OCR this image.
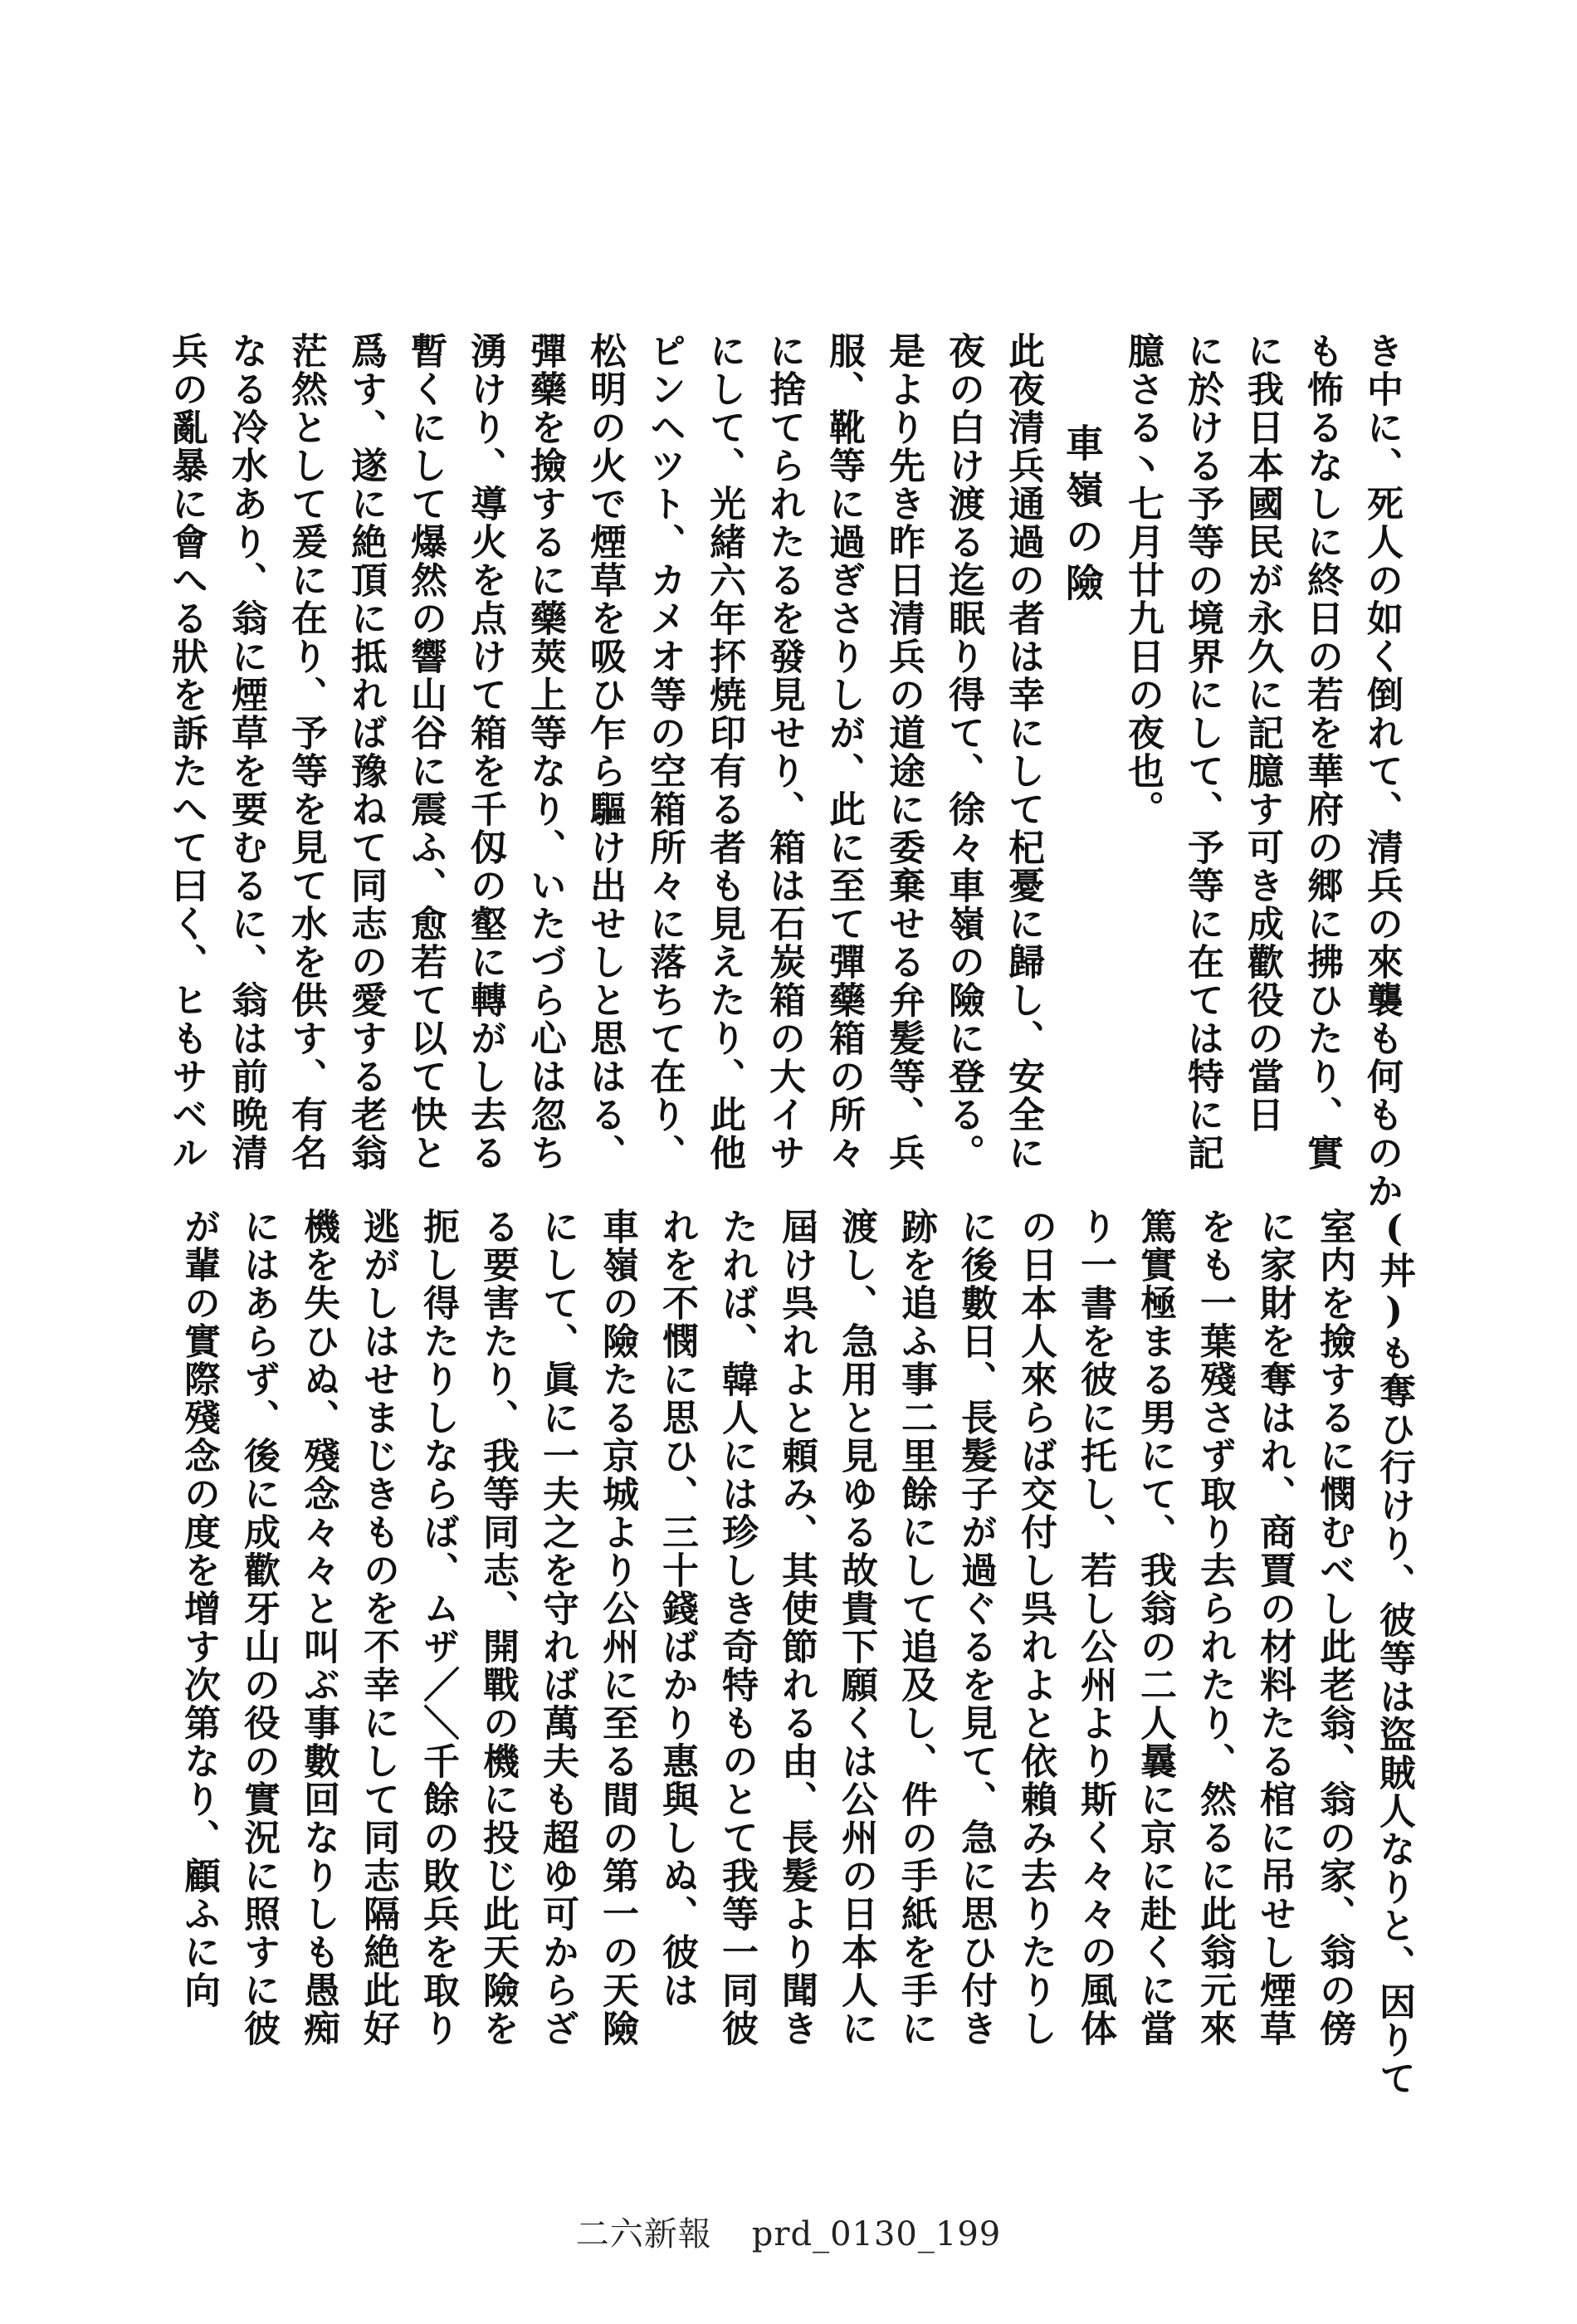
き中に、死人の如く倒れて、清兵の來襲も何ものか
も怖るなしに終日の若を華府の郷に拂ひたり、實
に我日本國民が永久に記臆す可き成歡役の當日
に於ける予等の境界にして、予等に在ては特に記
臆さる丶七月廿九日の夜也。
車嶺の險
此夜清兵通過の者は幸にして杞憂に歸し、安全に
夜の白け渡る迄眠り得て、徐々車嶺の險に登る。
是より先き昨日清兵の道途に委棄せる弁髪等、兵
服、靴等に過ぎさりしが、此に至て彈藥箱の所々
に捨てられたるを發見せり、箱は石炭箱の大イサ
にして、光緒六年抔焼印有る者も見えたり、此他
ピンヘツト、カメオ等の空箱所々に落ちて在り、
松明の火で煙草を吸ひ乍ら驅け出せしと思はる、
彈藥を撿するに藥莢上等なり、いたづら心は忽ち
湧けり、導火を点けて箱を千仭の壑に轉がし去る
暫くにして爆然の響山谷に震ふ、愈若て以て快と
爲す、遂に絶頂に抵れば豫ねて同志の愛する老翁
茫然として爰に在り、予等を見て水を供す、有名
なる冷水あり、翁に煙草を要むるに、翁は前晩清
兵の亂暴に會へる狀を訴たへて曰く、ヒもサベル
(丼)も奪ひ行けり、彼等は盜賊人なりと、因りて
室内を撿するに憫むべし此老翁、翁の家、翁の傍
に家財を奪はれ、商賈の材料たる棺に吊せし煙草
をも一葉殘さず取り去られたり、然るに此翁元來
篤實極まる男にて、我翁の二人曩に京に赴くに當
り一書を彼に托し、若し公州より斯く々々の風体
の日本人來らば交付し呉れよと依賴み去りたりし
に後數日、長髮子が過ぐるを見て、急に思ひ付き
跡を追ふ事二里餘にして追及し、件の手紙を手に
渡し、急用と見ゆる故貴下願くは公州の日本人に
屆け呉れよと頼み、其使節れる由、長髮より聞き
たれば、韓人には珍しき奇特ものとて我等一同彼
れを不憫に思ひ、三十錢ばかり惠與しぬ、彼は
車嶺の險たる京城より公州に至る間の第一の天險
にして、眞に一夫之を守れば萬夫も超ゆ可からざ
る要害たり、我等同志、開戰の機に投じ此天險を
扼し得たりしならば、ムザ／＼千餘の敗兵を取り
逃がしはせまじきものを不幸にして同志隔絶此好
機を失ひぬ、殘念々々と叫ぶ事數回なりしも愚痴
にはあらず、後に成歡牙山の役の實況に照すに彼
が輩の實際殘念の度を增す次第なり、顧ふに向
二六新報 prd_0130_199
